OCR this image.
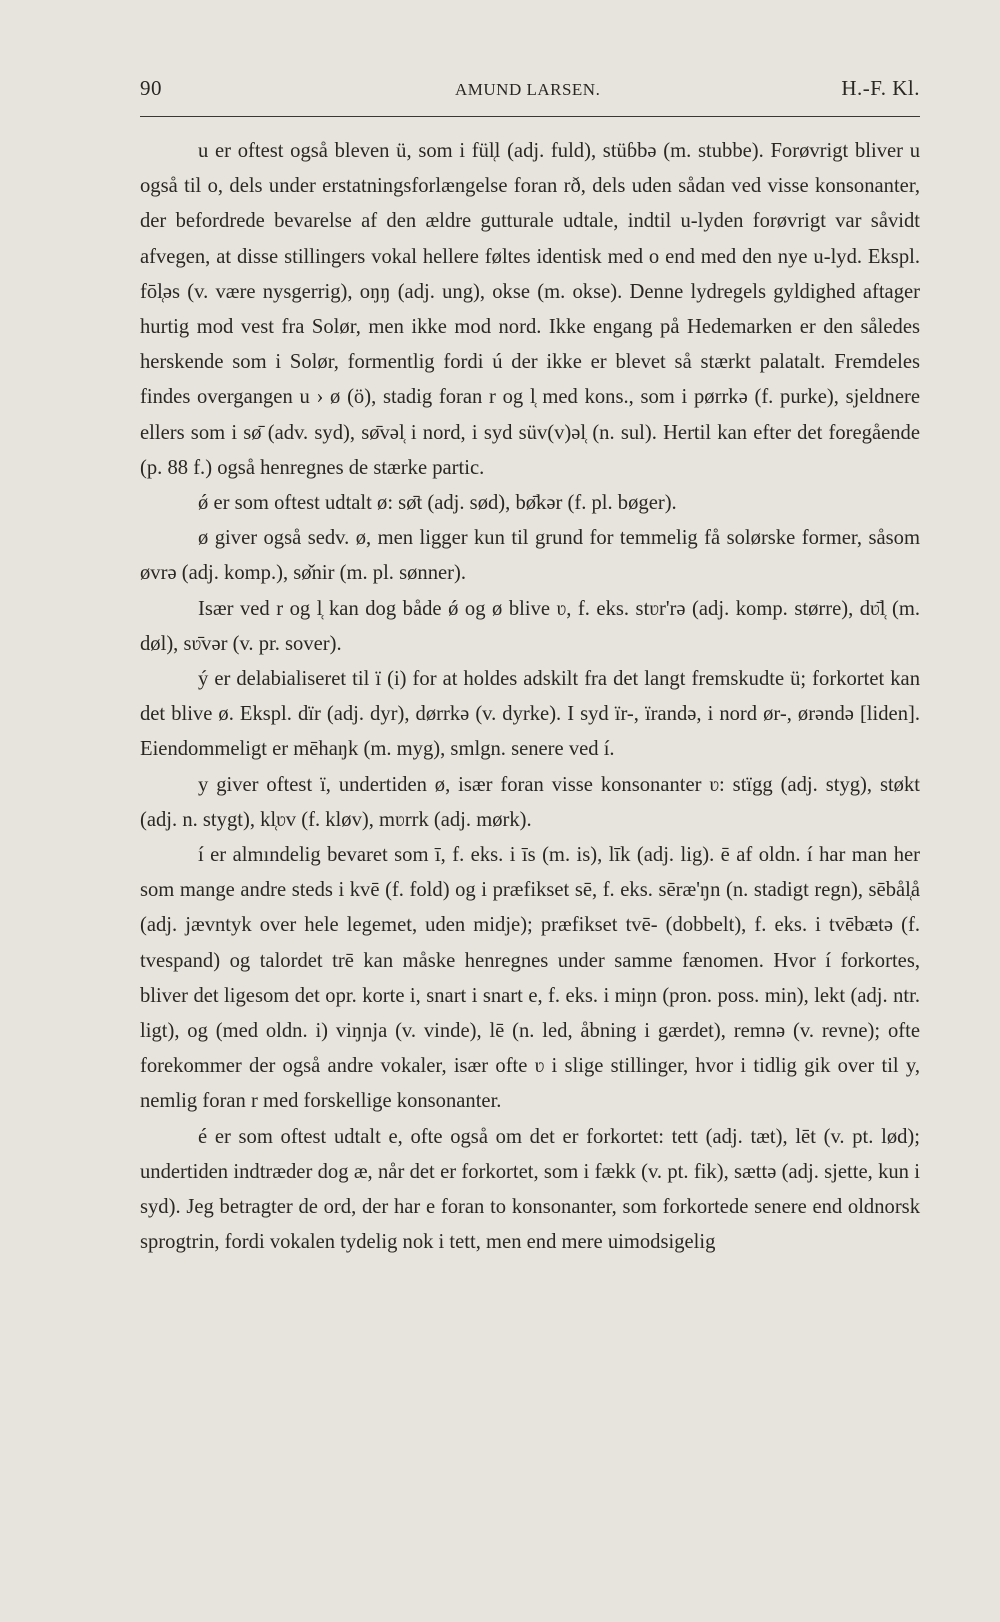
90	AMUND LARSEN.	H.-F. Kl.

u er oftest også bleven ü, som i fül̜l (adj. fuld), stüɓbə (m. stubbe). Forøvrigt bliver u også til o, dels under erstatningsforlængelse foran rð, dels uden sådan ved visse konsonanter, der befordrede bevarelse af den ældre gutturale udtale, indtil u-lyden forøvrigt var såvidt afvegen, at disse stillingers vokal hellere føltes identisk med o end med den nye u-lyd. Ekspl. fōl̜əs (v. være nysgerrig), oŋŋ (adj. ung), okse (m. okse). Denne lydregels gyldighed aftager hurtig mod vest fra Solør, men ikke mod nord. Ikke engang på Hedemarken er den således herskende som i Solør, formentlig fordi ú der ikke er blevet så stærkt palatalt. Fremdeles findes overgangen u › ø (ö), stadig foran r og l̜ med kons., som i pørrkə (f. purke), sjeldnere ellers som i sø̄ (adv. syd), sø̄vəl̜ i nord, i syd süv(v)əl̜ (n. sul). Hertil kan efter det foregående (p. 88 f.) også henregnes de stærke partic.

ǿ er som oftest udtalt ø: sø̄t (adj. sød), bø̄kər (f. pl. bøger).

ø giver også sedv. ø, men ligger kun til grund for temmelig få solørske former, såsom øvrə (adj. komp.), sø̌nir (m. pl. sønner).

Især ved r og l̜ kan dog både ǿ og ø blive ʋ, f. eks. stʋr'rə (adj. komp. større), dʋ̄l̜ (m. døl), sʋ̄vər (v. pr. sover).

ý er delabialiseret til ï (i) for at holdes adskilt fra det langt fremskudte ü; forkortet kan det blive ø. Ekspl. dïr (adj. dyr), dørrkə (v. dyrke). I syd ïr-, ïrandə, i nord ør-, ørəndə [liden]. Eiendommeligt er mēhaŋk (m. myg), smlgn. senere ved í.

y giver oftest ï, undertiden ø, især foran visse konsonanter ʋ: stïgg (adj. styg), støkt (adj. n. stygt), kl̜ʋv (f. kløv), mʋrrk (adj. mørk).

í er almındelig bevaret som ī, f. eks. i īs (m. is), līk (adj. lig). ē af oldn. í har man her som mange andre steds i kvē (f. fold) og i præfikset sē, f. eks. sēræ'ŋn (n. stadigt regn), sēbål̜å (adj. jævntyk over hele legemet, uden midje); præfikset tvē- (dobbelt), f. eks. i tvēbætə (f. tvespand) og talordet trē kan måske henregnes under samme fænomen. Hvor í forkortes, bliver det ligesom det opr. korte i, snart i snart e, f. eks. i miŋn (pron. poss. min), lekt (adj. ntr. ligt), og (med oldn. i) viŋnja (v. vinde), lē (n. led, åbning i gærdet), remnə (v. revne); ofte forekommer der også andre vokaler, især ofte ʋ i slige stillinger, hvor i tidlig gik over til y, nemlig foran r med forskellige konsonanter.

é er som oftest udtalt e, ofte også om det er forkortet: tett (adj. tæt), lēt (v. pt. lød); undertiden indtræder dog æ, når det er forkortet, som i fækk (v. pt. fik), sættə (adj. sjette, kun i syd). Jeg betragter de ord, der har e foran to konsonanter, som forkortede senere end oldnorsk sprogtrin, fordi vokalen tydelig nok i tett, men end mere uimodsigelig
